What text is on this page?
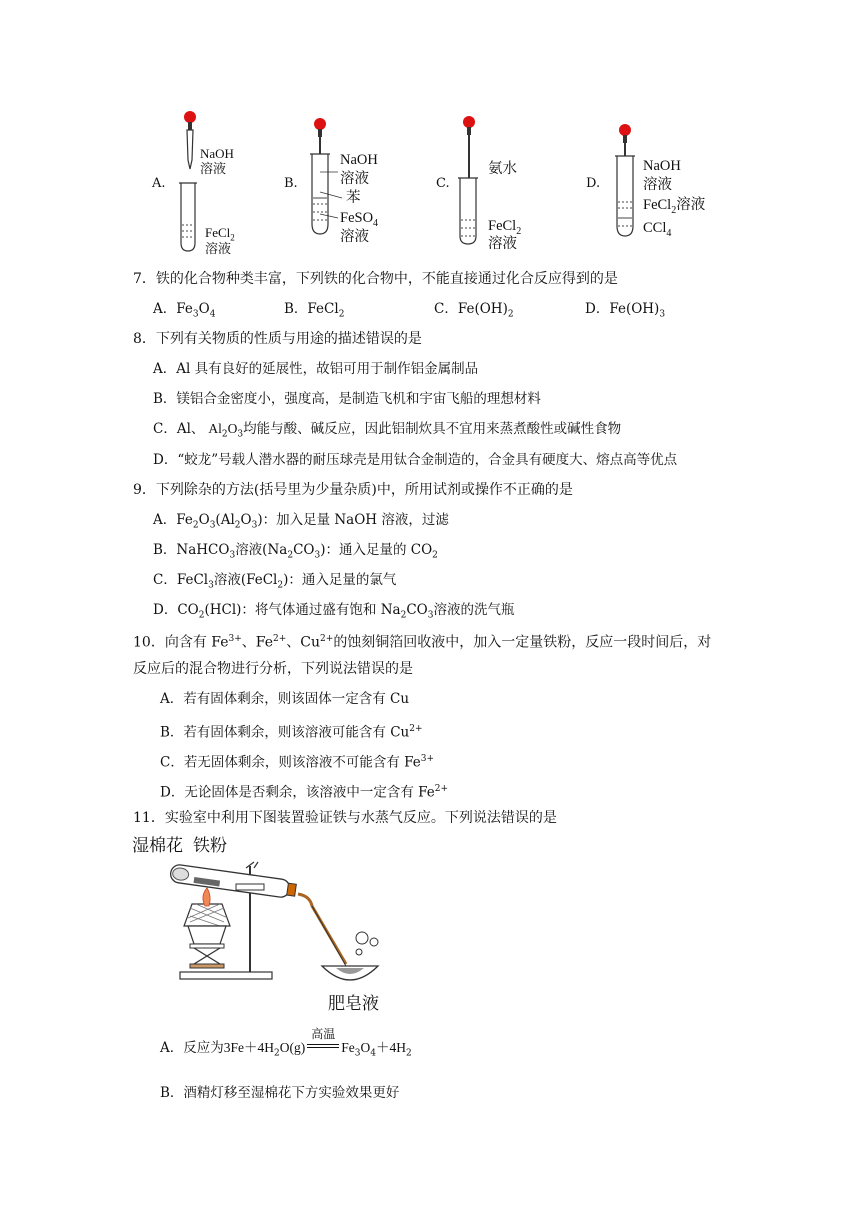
A.
NaOH
溶液
FeCl$_2$
溶液
B.
NaOH
溶液
苯
FeSO$_4$
溶液
C.
氨水
FeCl$_2$
溶液
D.
NaOH
溶液
FeCl$_2$溶液
CCl$_4$
7．铁的化合物种类丰富，下列铁的化合物中，不能直接通过化合反应得到的是
A．$Fe_3O_4$	B．FeCl$_2$	C．$Fe(OH)_2$	D．$Fe(OH)_3$
8．下列有关物质的性质与用途的描述错误的是
A．Al 具有良好的延展性，故铝可用于制作铝金属制品
B．镁铝合金密度小，强度高，是制造飞机和宇宙飞船的理想材料
C．Al、 $Al_2O_3$均能与酸、碱反应，因此铝制炊具不宜用来蒸煮酸性或碱性食物
D．“蛟龙”号载人潜水器的耐压球壳是用钛合金制造的，合金具有硬度大、熔点高等优点
9．下列除杂的方法(括号里为少量杂质)中，所用试剂或操作不正确的是
A．$Fe_2O_3(Al_2O_3)$：加入足量 NaOH 溶液，过滤
B．NaHCO$_3$溶液$(Na_2CO_3)$：通入足量的 $CO_2$
C．FeCl$_3$溶液(FeCl$_2$)：通入足量的氯气
D．$CO_2(HCl)$：将气体通过盛有饱和 $Na_2CO_3$溶液的洗气瓶
10．向含有 $Fe^{3+}$、$Fe^{2+}$、$Cu^{2+}$的蚀刻铜箔回收液中，加入一定量铁粉，反应一段时间后，对
反应后的混合物进行分析，下列说法错误的是
A．若有固体剩余，则该固体一定含有 Cu
B．若有固体剩余，则该溶液可能含有 $Cu^{2+}$
C．若无固体剩余，则该溶液不可能含有 $Fe^{3+}$
D．无论固体是否剩余，该溶液中一定含有 $Fe^{2+}$
11．实验室中利用下图装置验证铁与水蒸气反应。下列说法错误的是
湿棉花 铁粉
肥皂液
A．反应为$3Fe+4H_2O(g)$
高温
$Fe_3O_4+4H_2$
B．酒精灯移至湿棉花下方实验效果更好
